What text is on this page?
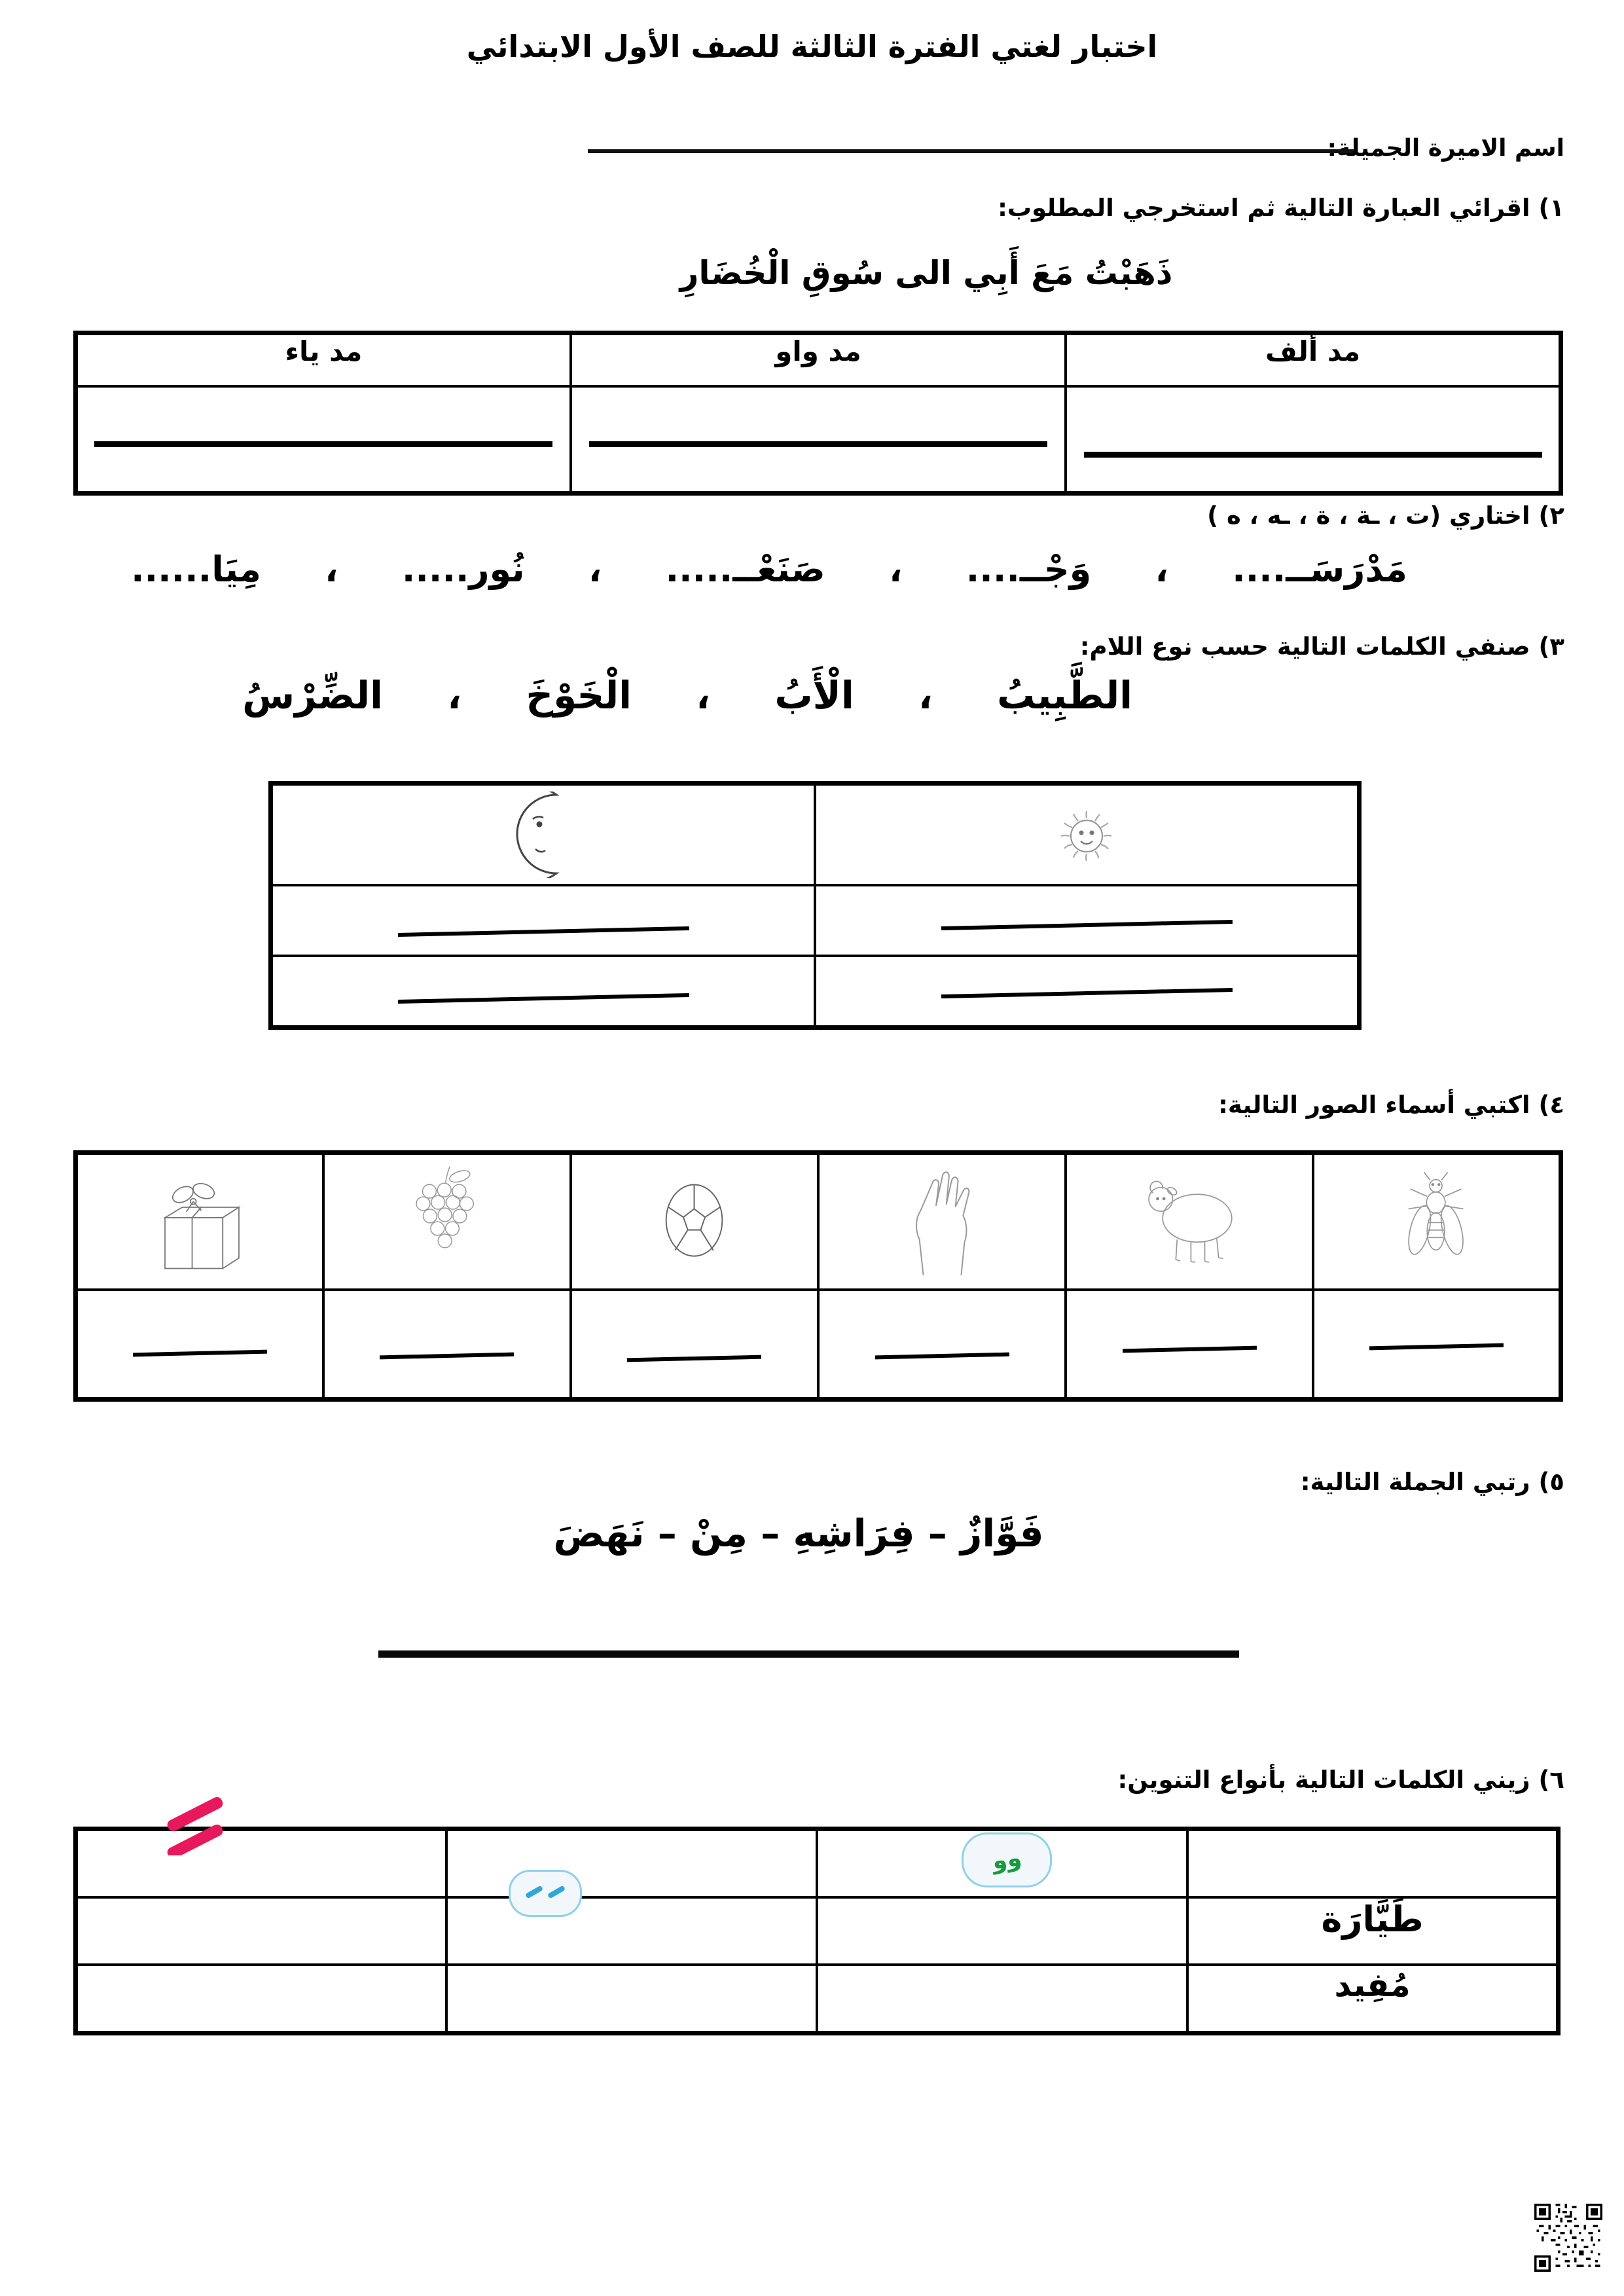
اختبار لغتي الفترة الثالثة للصف الأول الابتدائي
اسم الاميرة الجميلة:
١) اقرائي العبارة التالية ثم استخرجي المطلوب:
ذَهَبْتُ مَعَ أَبِي الى سُوقِ الْخُضَارِ
مد ألف	مد واو	مد ياء

٢) اختاري (ت ، ـة ، ة ، ـه ، ه )
مَدْرَسَــ....
،
وَجْــ....
،
صَنَعْــ.....
،
نُور.....
،
مِيَا......
٣) صنفي الكلمات التالية حسب نوع اللام:
الطَّبِيبُ
،
الْأَبُ
،
الْخَوْخَ
،
الضِّرْسُ

٤) اكتبي أسماء الصور التالية:

٥) رتبي الجملة التالية:
فَوَّازٌ – فِرَاشِهِ – مِنْ – نَهَضَ
٦) زيني الكلمات التالية بأنواع التنوين:

			طَيَّارَة
			مُفِيد
وو
